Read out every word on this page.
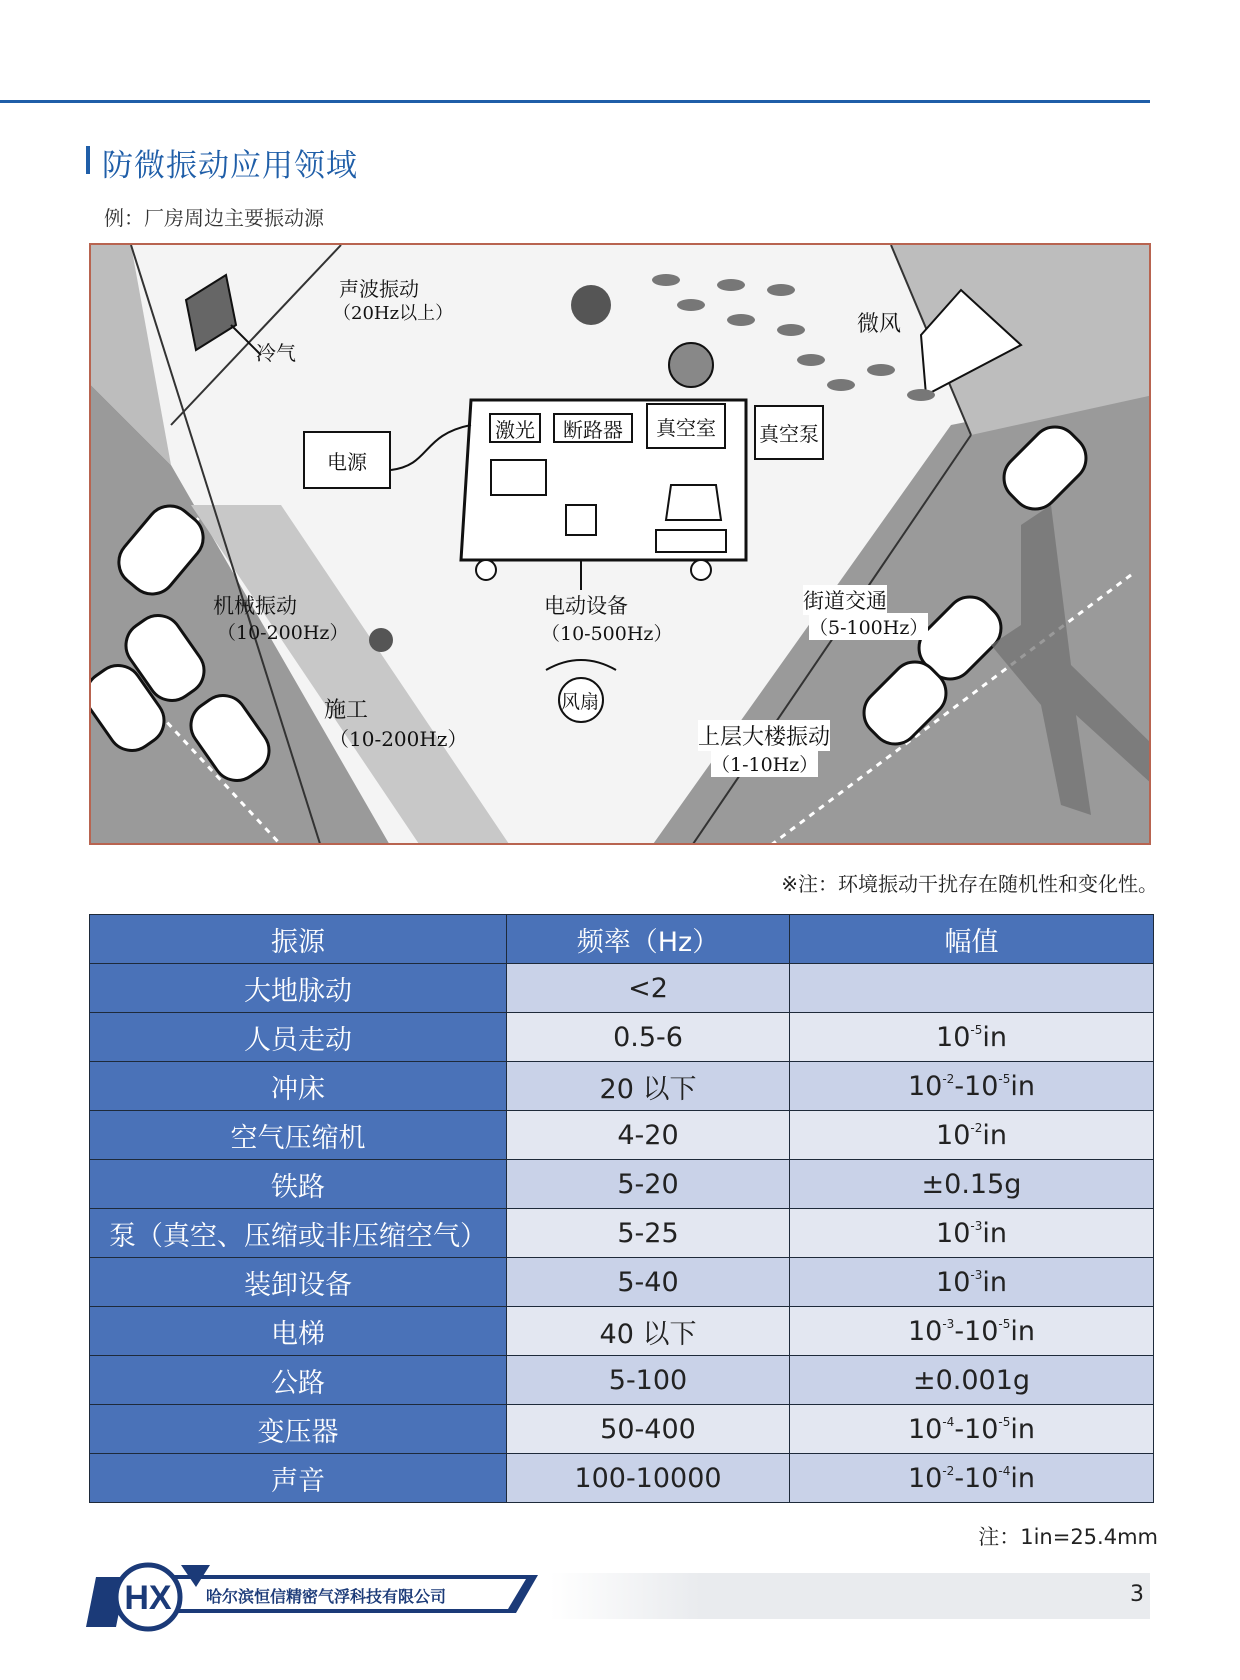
防微振动应用领域
例：厂房周边主要振动源
声波振动
（20Hz以上）
冷气
微风
电源
激光	断路器	真空室	真空泵
机械振动
（10-200Hz）
电动设备
（10-500Hz）
街道交通
（5-100Hz）
施工
（10-200Hz）
风扇
上层大楼振动
（1-10Hz）
※注：环境振动干扰存在随机性和变化性。
振源	频率（Hz）	幅值
大地脉动	<2	
人员走动	0.5-6	$10^{-5}in$
冲床	20 以下	$10^{-2}-10^{-5}in$
空气压缩机	4-20	$10^{-2}in$
铁路	5-20	±0.15g
泵（真空、压缩或非压缩空气）	5-25	$10^{-3}in$
装卸设备	5-40	$10^{-3}in$
电梯	40 以下	$10^{-3}-10^{-5}in$
公路	5-100	±0.001g
变压器	50-400	$10^{-4}-10^{-5}in$
声音	100-10000	$10^{-2}-10^{-4}in$
注：1in=25.4mm
HX 哈尔滨恒信精密气浮科技有限公司	3
